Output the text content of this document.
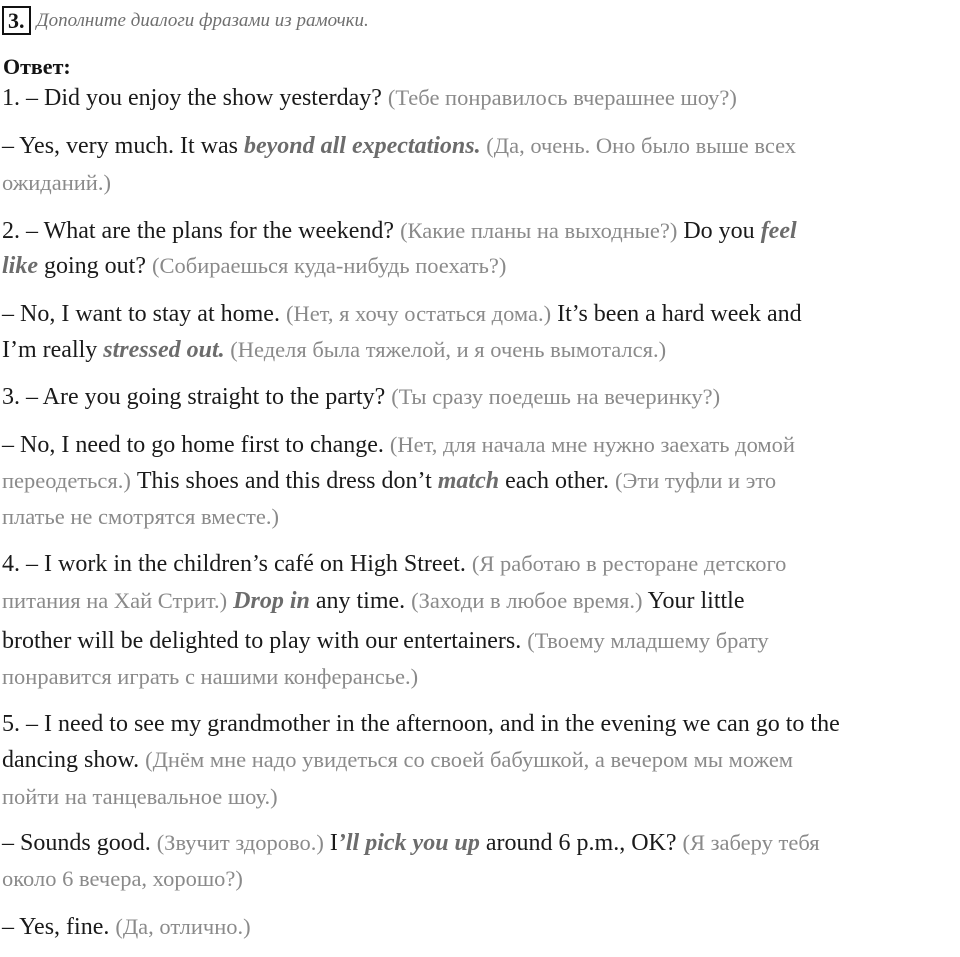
3. Дополните диалоги фразами из рамочки.
Ответ:
1. – Did you enjoy the show yesterday? (Тебе понравилось вчерашнее шоу?)
– Yes, very much. It was beyond all expectations. (Да, очень. Оно было выше всех
ожиданий.)
2. – What are the plans for the weekend? (Какие планы на выходные?) Do you feel
like going out? (Собираешься куда-нибудь поехать?)
– No, I want to stay at home. (Нет, я хочу остаться дома.) It’s been a hard week and
I’m really stressed out. (Неделя была тяжелой, и я очень вымотался.)
3. – Are you going straight to the party? (Ты сразу поедешь на вечеринку?)
– No, I need to go home first to change. (Нет, для начала мне нужно заехать домой
переодеться.) This shoes and this dress don’t match each other. (Эти туфли и это
платье не смотрятся вместе.)
4. – I work in the children’s café on High Street. (Я работаю в ресторане детского
питания на Хай Стрит.) Drop in any time. (Заходи в любое время.) Your little
brother will be delighted to play with our entertainers. (Твоему младшему брату
понравится играть с нашими конферансье.)
5. – I need to see my grandmother in the afternoon, and in the evening we can go to the
dancing show. (Днём мне надо увидеться со своей бабушкой, а вечером мы можем
пойти на танцевальное шоу.)
– Sounds good. (Звучит здорово.) I’ll pick you up around 6 p.m., OK? (Я заберу тебя
около 6 вечера, хорошо?)
– Yes, fine. (Да, отлично.)
